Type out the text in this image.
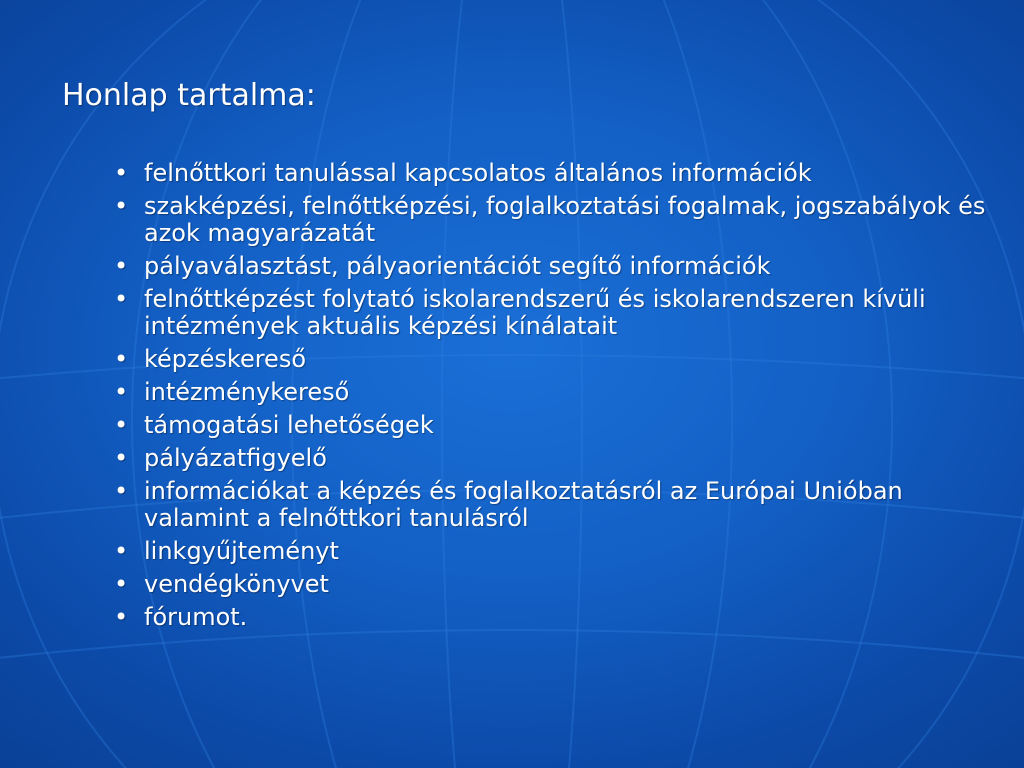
Honlap tartalma:
• felnőttkori tanulással kapcsolatos általános információk
• szakképzési, felnőttképzési, foglalkoztatási fogalmak, jogszabályok és azok magyarázatát
• pályaválasztást, pályaorientációt segítő információk
• felnőttképzést folytató iskolarendszerű és iskolarendszeren kívüli intézmények aktuális képzési kínálatait
• képzéskereső
• intézménykereső
• támogatási lehetőségek
• pályázatfigyelő
• információkat a képzés és foglalkoztatásról az Európai Unióban valamint a felnőttkori tanulásról
• linkgyűjteményt
• vendégkönyvet
• fórumot.
